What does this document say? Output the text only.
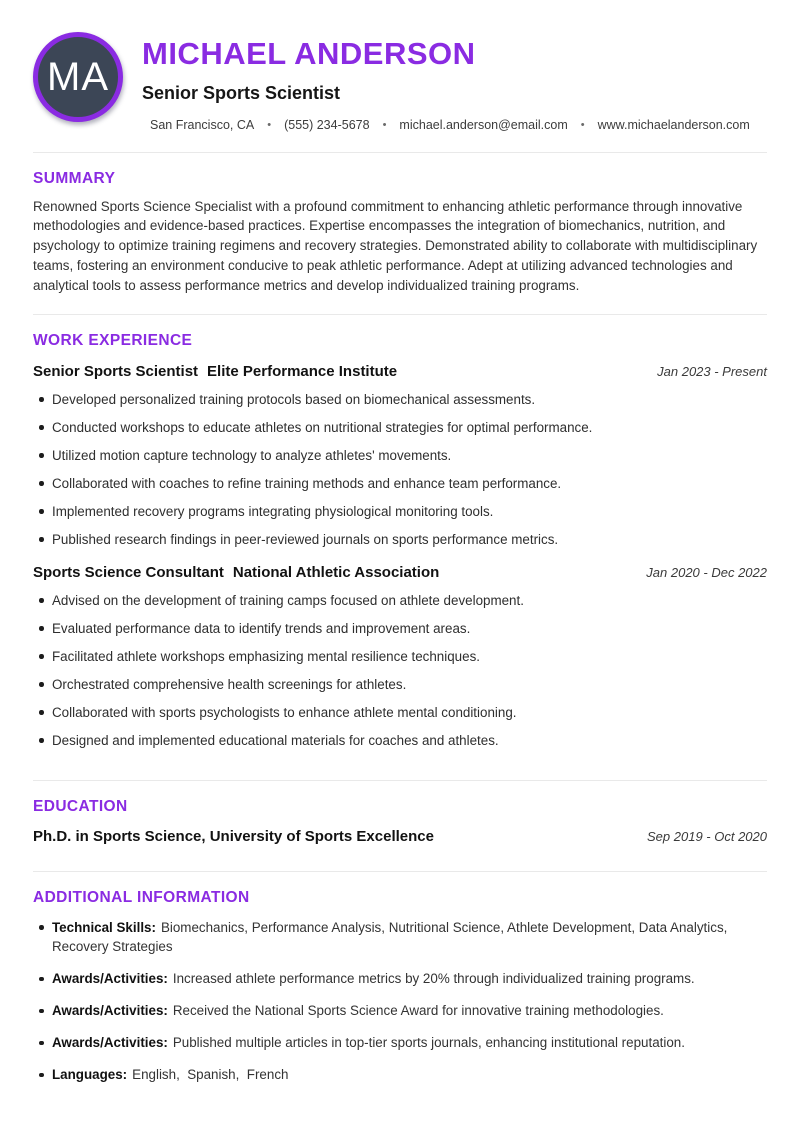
MA
MICHAEL ANDERSON
Senior Sports Scientist
San Francisco, CA • (555) 234-5678 • michael.anderson@email.com • www.michaelanderson.com
SUMMARY

Renowned Sports Science Specialist with a profound commitment to enhancing athletic performance through innovative methodologies and evidence-based practices. Expertise encompasses the integration of biomechanics, nutrition, and psychology to optimize training regimens and recovery strategies. Demonstrated ability to collaborate with multidisciplinary teams, fostering an environment conducive to peak athletic performance. Adept at utilizing advanced technologies and analytical tools to assess performance metrics and develop individualized training programs.

WORK EXPERIENCE
Senior Sports Scientist Elite Performance Institute	Jan 2023 - Present
Developed personalized training protocols based on biomechanical assessments.
Conducted workshops to educate athletes on nutritional strategies for optimal performance.
Utilized motion capture technology to analyze athletes' movements.
Collaborated with coaches to refine training methods and enhance team performance.
Implemented recovery programs integrating physiological monitoring tools.
Published research findings in peer-reviewed journals on sports performance metrics.
Sports Science Consultant National Athletic Association	Jan 2020 - Dec 2022
Advised on the development of training camps focused on athlete development.
Evaluated performance data to identify trends and improvement areas.
Facilitated athlete workshops emphasizing mental resilience techniques.
Orchestrated comprehensive health screenings for athletes.
Collaborated with sports psychologists to enhance athlete mental conditioning.
Designed and implemented educational materials for coaches and athletes.
EDUCATION
Ph.D. in Sports Science, University of Sports Excellence	Sep 2019 - Oct 2020
ADDITIONAL INFORMATION
Technical Skills: Biomechanics, Performance Analysis, Nutritional Science, Athlete Development, Data Analytics, Recovery Strategies
Awards/Activities: Increased athlete performance metrics by 20% through individualized training programs.
Awards/Activities: Received the National Sports Science Award for innovative training methodologies.
Awards/Activities: Published multiple articles in top-tier sports journals, enhancing institutional reputation.
Languages: English,  Spanish,  French
